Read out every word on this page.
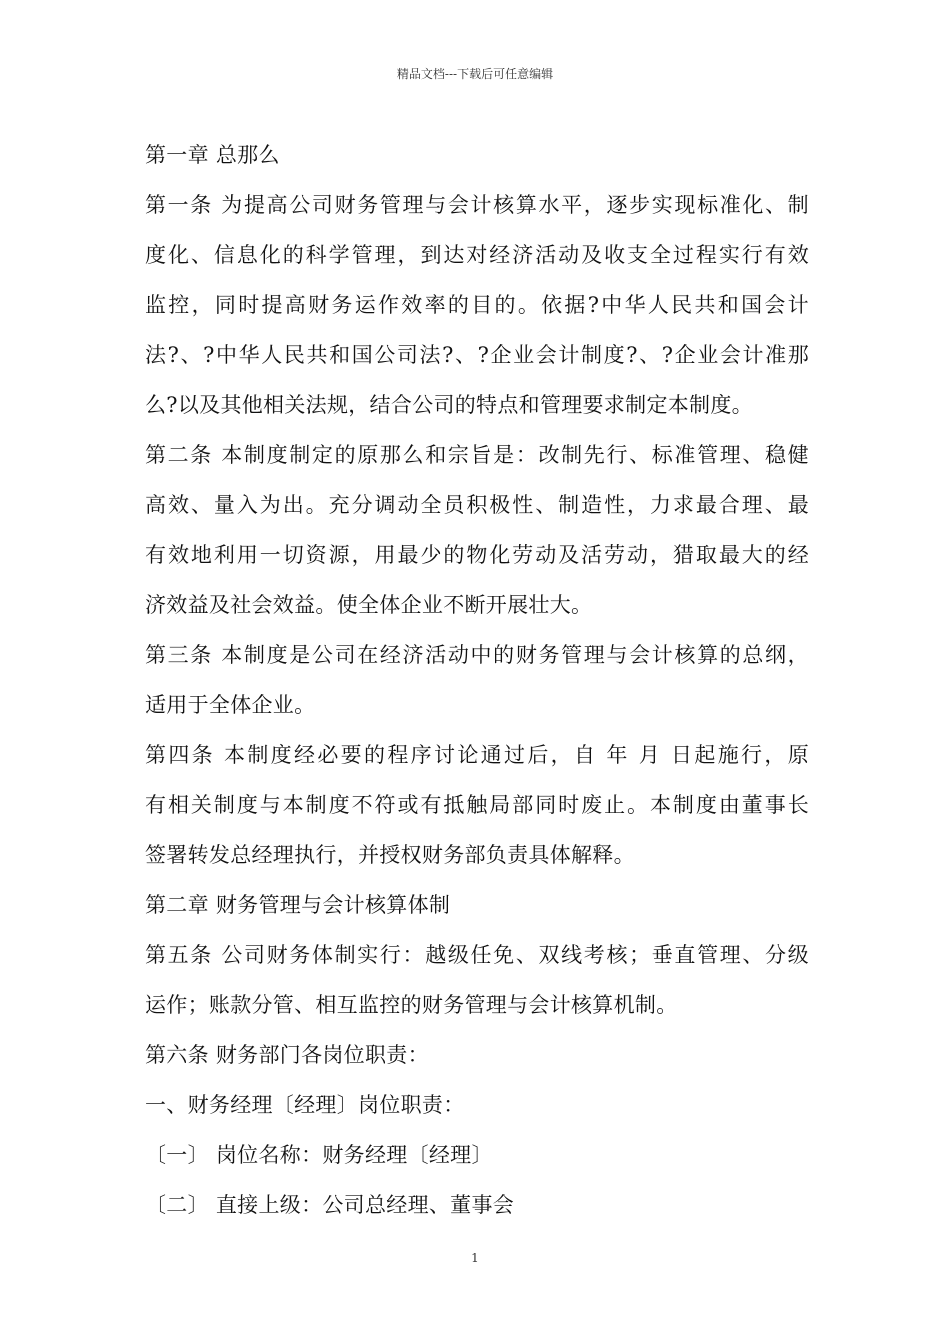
精品文档---下载后可任意编辑
第一章 总那么
第一条 为提高公司财务管理与会计核算水平，逐步实现标准化、制
度化、信息化的科学管理，到达对经济活动及收支全过程实行有效
监控，同时提高财务运作效率的目的。依据?中华人民共和国会计
法?、?中华人民共和国公司法?、?企业会计制度?、?企业会计准那
么?以及其他相关法规，结合公司的特点和管理要求制定本制度。
第二条 本制度制定的原那么和宗旨是：改制先行、标准管理、稳健
高效、量入为出。充分调动全员积极性、制造性，力求最合理、最
有效地利用一切资源，用最少的物化劳动及活劳动，猎取最大的经
济效益及社会效益。使全体企业不断开展壮大。
第三条 本制度是公司在经济活动中的财务管理与会计核算的总纲，
适用于全体企业。
第四条 本制度经必要的程序讨论通过后，自 年 月 日起施行，原
有相关制度与本制度不符或有抵触局部同时废止。本制度由董事长
签署转发总经理执行，并授权财务部负责具体解释。
第二章 财务管理与会计核算体制
第五条 公司财务体制实行：越级任免、双线考核；垂直管理、分级
运作；账款分管、相互监控的财务管理与会计核算机制。
第六条 财务部门各岗位职责：
一、财务经理〔经理〕岗位职责：
〔一〕 岗位名称：财务经理〔经理〕
〔二〕 直接上级：公司总经理、董事会
1
